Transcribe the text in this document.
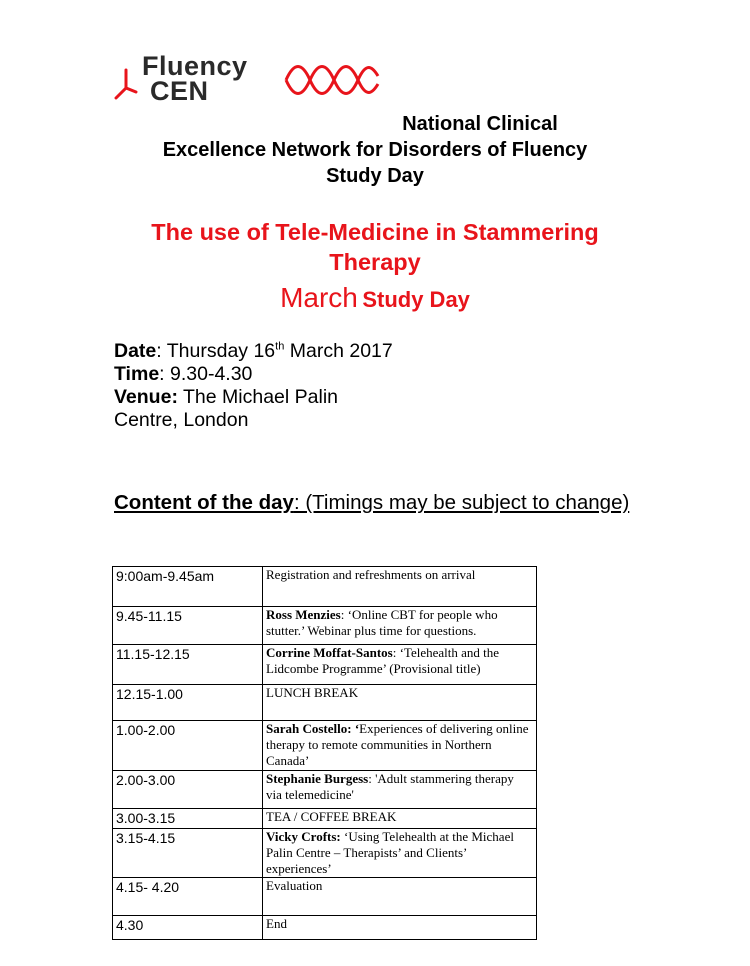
Fluency
CEN
National Clinical
Excellence Network for Disorders of Fluency
Study Day
The use of Tele-Medicine in Stammering
Therapy
March Study Day
Date: Thursday 16th March 2017
Time: 9.30-4.30
Venue: The Michael Palin
Centre, London
Content of the day: (Timings may be subject to change)
9:00am-9.45am	Registration and refreshments on arrival
9.45-11.15	Ross Menzies: ‘Online CBT for people who stutter.’ Webinar plus time for questions.
11.15-12.15	Corrine Moffat-Santos: ‘Telehealth and the Lidcombe Programme’ (Provisional title)
12.15-1.00	LUNCH BREAK
1.00-2.00	Sarah Costello: ‘Experiences of delivering online therapy to remote communities in Northern Canada’
2.00-3.00	Stephanie Burgess: 'Adult stammering therapy via telemedicine'
3.00-3.15	TEA / COFFEE BREAK
3.15-4.15	Vicky Crofts: ‘Using Telehealth at the Michael Palin Centre – Therapists’ and Clients’ experiences’
4.15- 4.20	Evaluation
4.30	End
